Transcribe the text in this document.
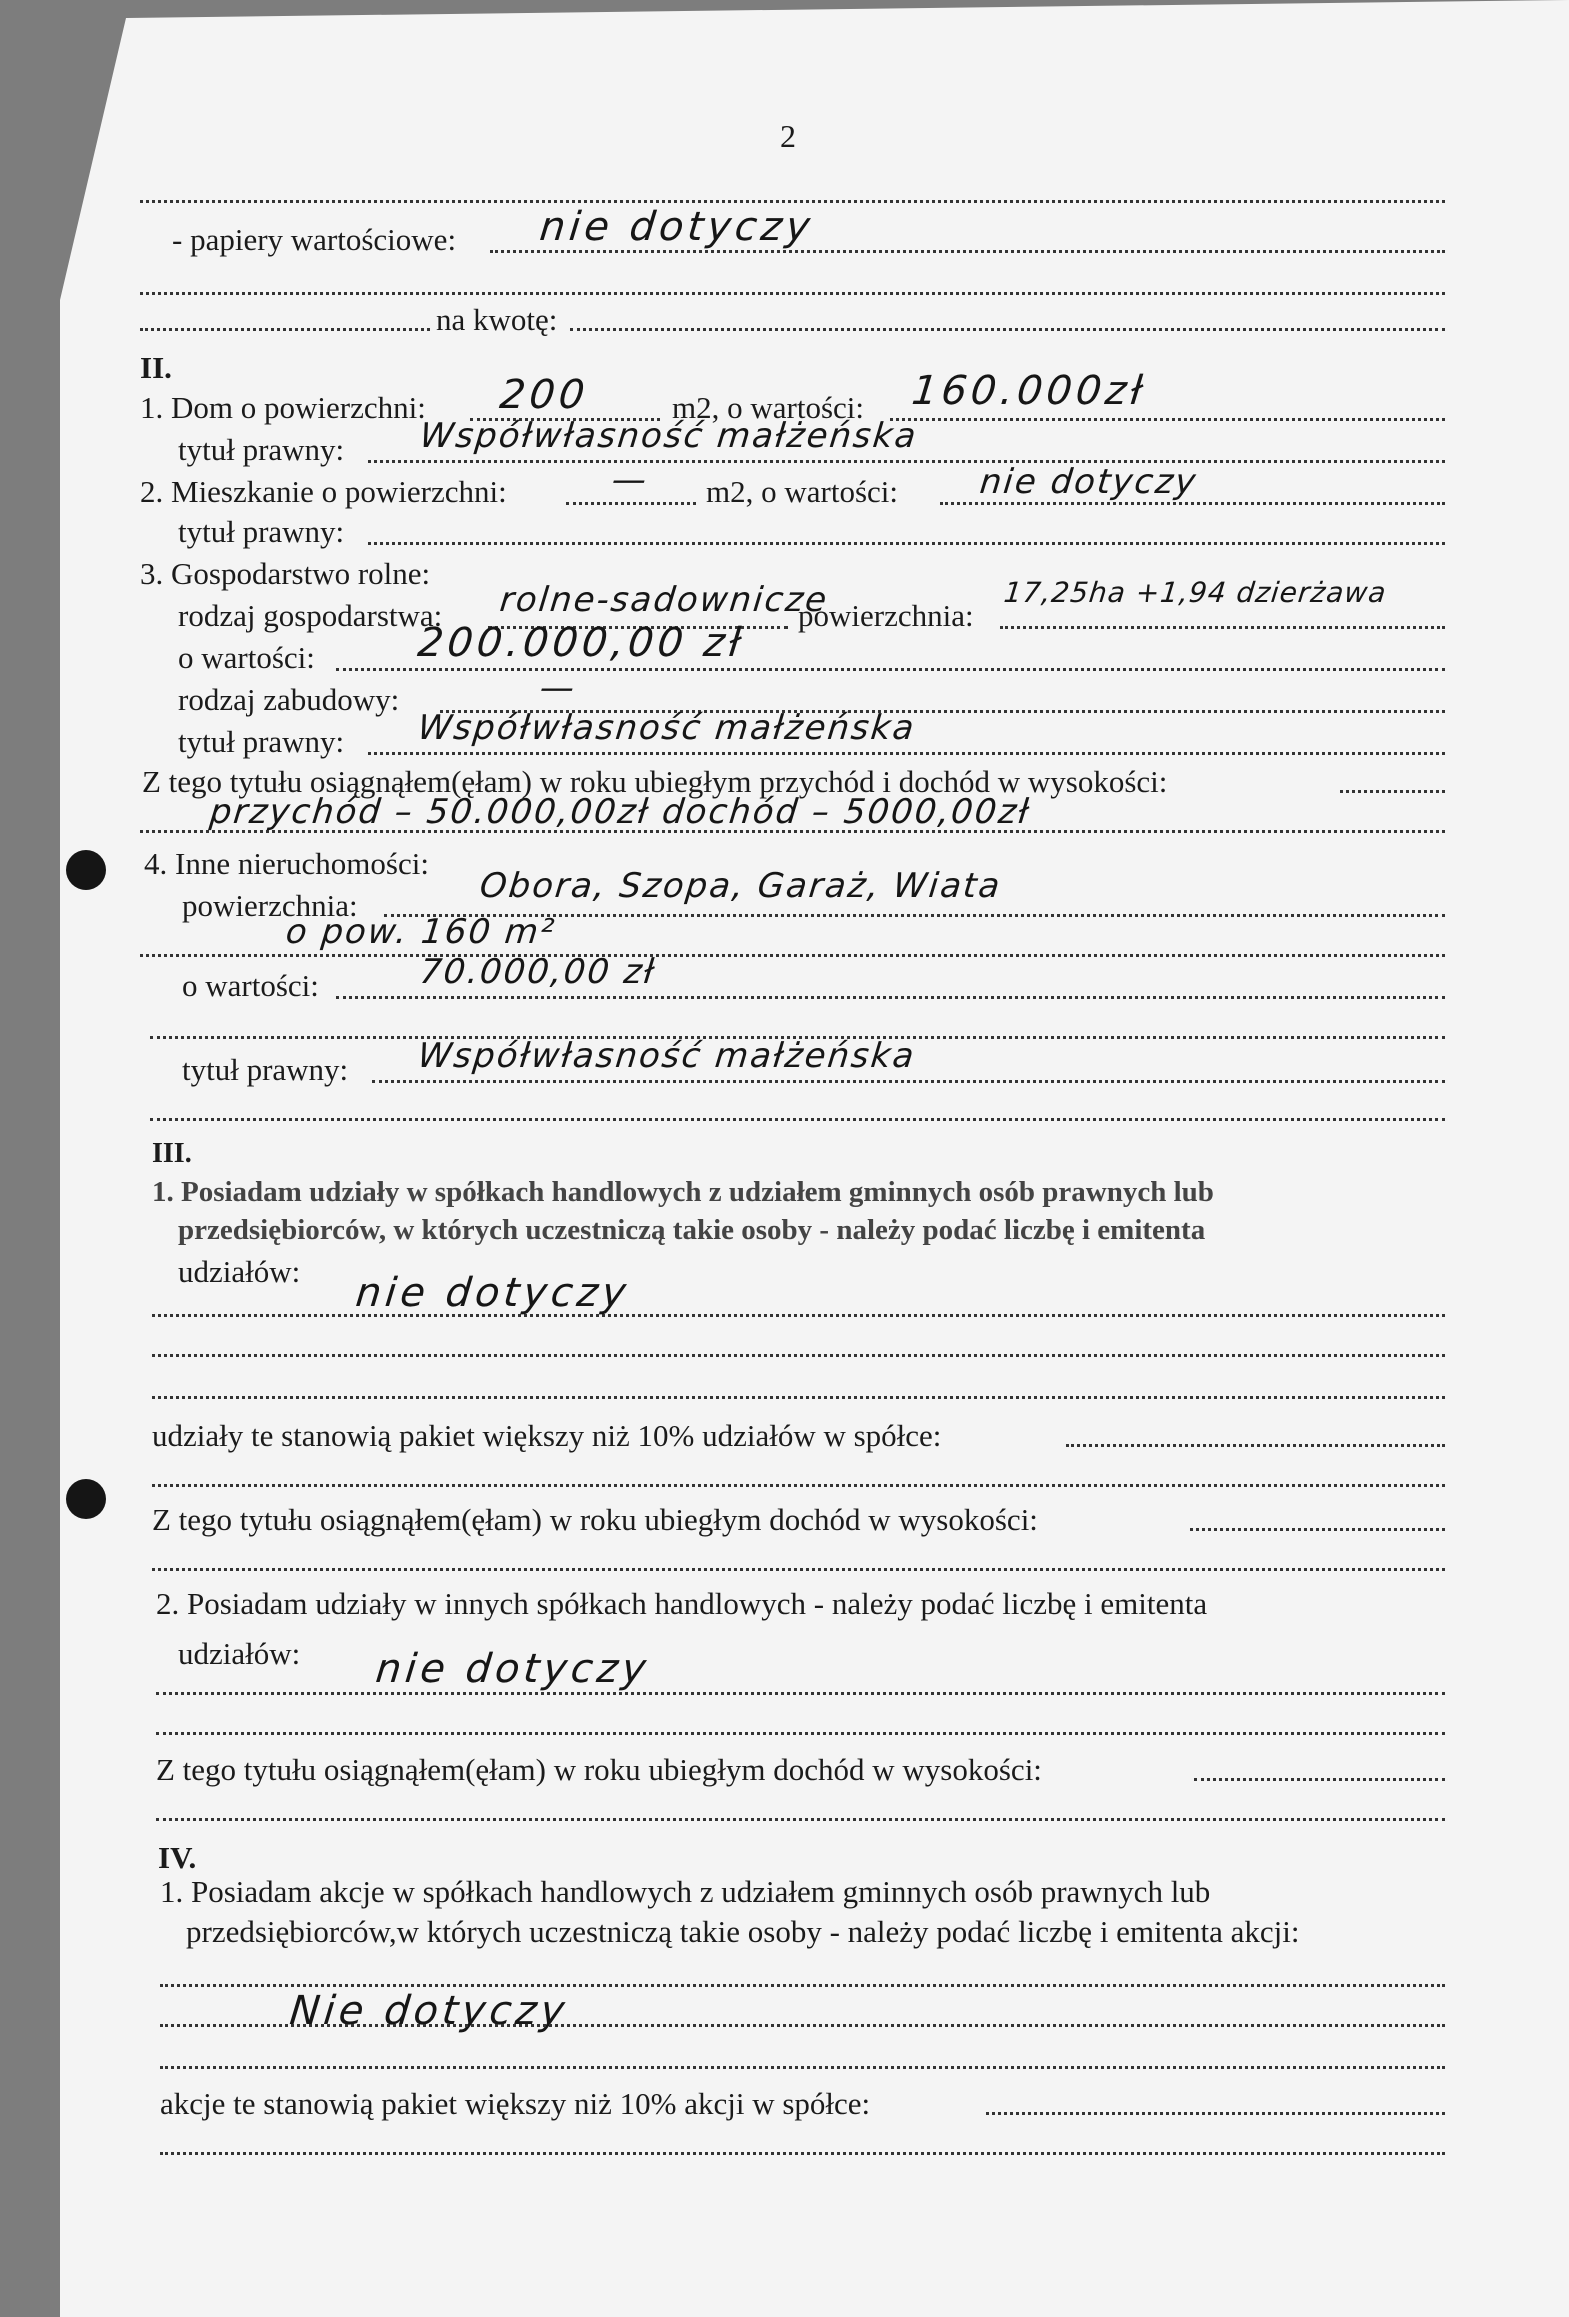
2
- papiery wartościowe: nie dotyczy
na kwotę:
II.
1. Dom o powierzchni: 200	m2, o wartości: 160.000zł
tytuł prawny: Współwłasność małżeńska
2. Mieszkanie o powierzchni:	— m2, o wartości: nie dotyczy
tytuł prawny:
3. Gospodarstwo rolne:
rodzaj gospodarstwa: rolne-sadownicze
powierzchnia:
17,25ha +1,94 dzierżawa
o wartości:	200.000,00 zł
rodzaj zabudowy:	—
tytuł prawny: Współwłasność małżeńska
Z tego tytułu osiągnąłem(ęłam) w roku ubiegłym przychód i dochód w wysokości:
przychód – 50.000,00zł dochód – 5000,00zł
4. Inne nieruchomości:
powierzchnia:	Obora, Szopa, Garaż, Wiata
o pow. 160 m²
o wartości:	70.000,00 zł
tytuł prawny: Współwłasność małżeńska
III.
1. Posiadam udziały w spółkach handlowych z udziałem gminnych osób prawnych lub
przedsiębiorców, w których uczestniczą takie osoby - należy podać liczbę i emitenta
udziałów: nie dotyczy
udziały te stanowią pakiet większy niż 10% udziałów w spółce:
Z tego tytułu osiągnąłem(ęłam) w roku ubiegłym dochód w wysokości:
2. Posiadam udziały w innych spółkach handlowych - należy podać liczbę i emitenta
udziałów: nie dotyczy
Z tego tytułu osiągnąłem(ęłam) w roku ubiegłym dochód w wysokości:
IV.
1. Posiadam akcje w spółkach handlowych z udziałem gminnych osób prawnych lub
przedsiębiorców,w których uczestniczą takie osoby - należy podać liczbę i emitenta akcji:
Nie dotyczy
akcje te stanowią pakiet większy niż 10% akcji w spółce:
